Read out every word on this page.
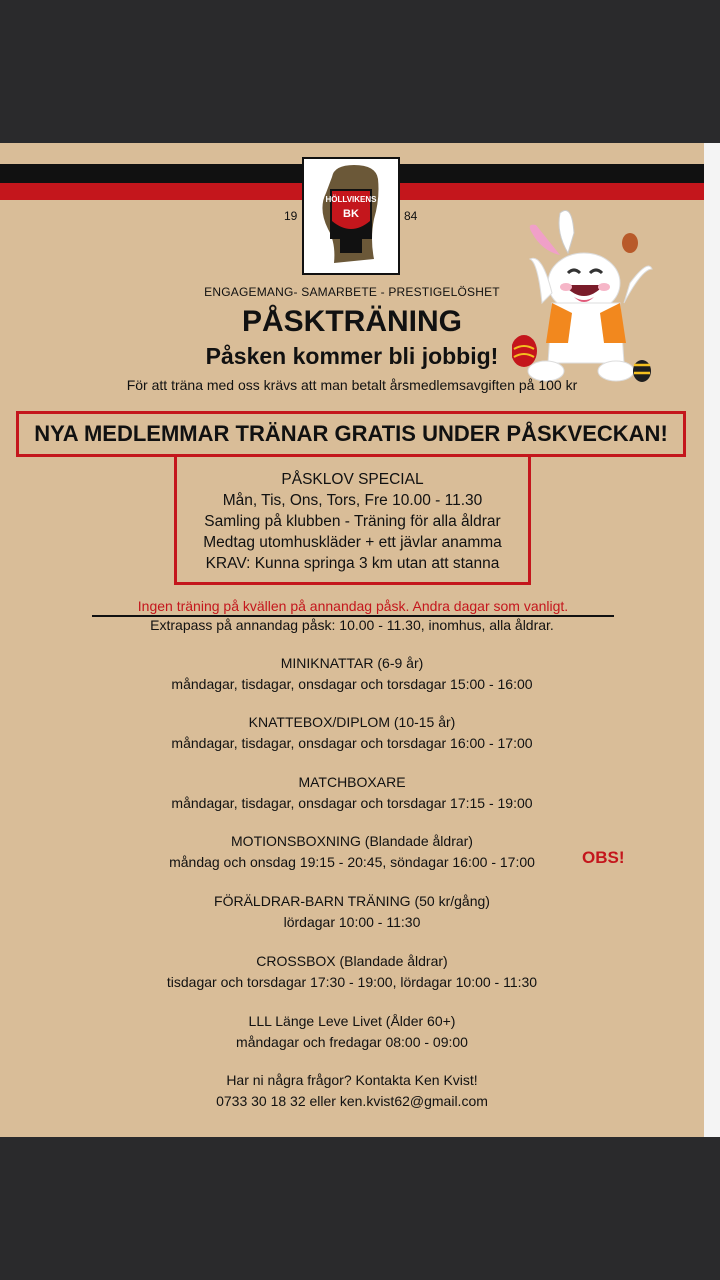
HÖLLVIKENS
BK
19	84
ENGAGEMANG- SAMARBETE - PRESTIGELÖSHET
PÅSKTRÄNING
Påsken kommer bli jobbig!
För att träna med oss krävs att man betalt årsmedlemsavgiften på 100 kr
NYA MEDLEMMAR TRÄNAR GRATIS UNDER PÅSKVECKAN!
PÅSKLOV SPECIAL
Mån, Tis, Ons, Tors, Fre 10.00 - 11.30
Samling på klubben - Träning för alla åldrar
Medtag utomhuskläder + ett jävlar anamma
KRAV: Kunna springa 3 km utan att stanna
Ingen träning på kvällen på annandag påsk. Andra dagar som vanligt.
Extrapass på annandag påsk: 10.00 - 11.30, inomhus, alla åldrar.
MINIKNATTAR (6-9 år)
måndagar, tisdagar, onsdagar och torsdagar 15:00 - 16:00
KNATTEBOX/DIPLOM (10-15 år)
måndagar, tisdagar, onsdagar och torsdagar 16:00 - 17:00
MATCHBOXARE
måndagar, tisdagar, onsdagar och torsdagar 17:15 - 19:00
MOTIONSBOXNING (Blandade åldrar)
måndag och onsdag 19:15 - 20:45, söndagar 16:00 - 17:00	OBS!
FÖRÄLDRAR-BARN TRÄNING (50 kr/gång)
lördagar 10:00 - 11:30
CROSSBOX (Blandade åldrar)
tisdagar och torsdagar 17:30 - 19:00, lördagar 10:00 - 11:30
LLL Länge Leve Livet (Ålder 60+)
måndagar och fredagar 08:00 - 09:00
Har ni några frågor? Kontakta Ken Kvist!
0733 30 18 32 eller ken.kvist62@gmail.com
